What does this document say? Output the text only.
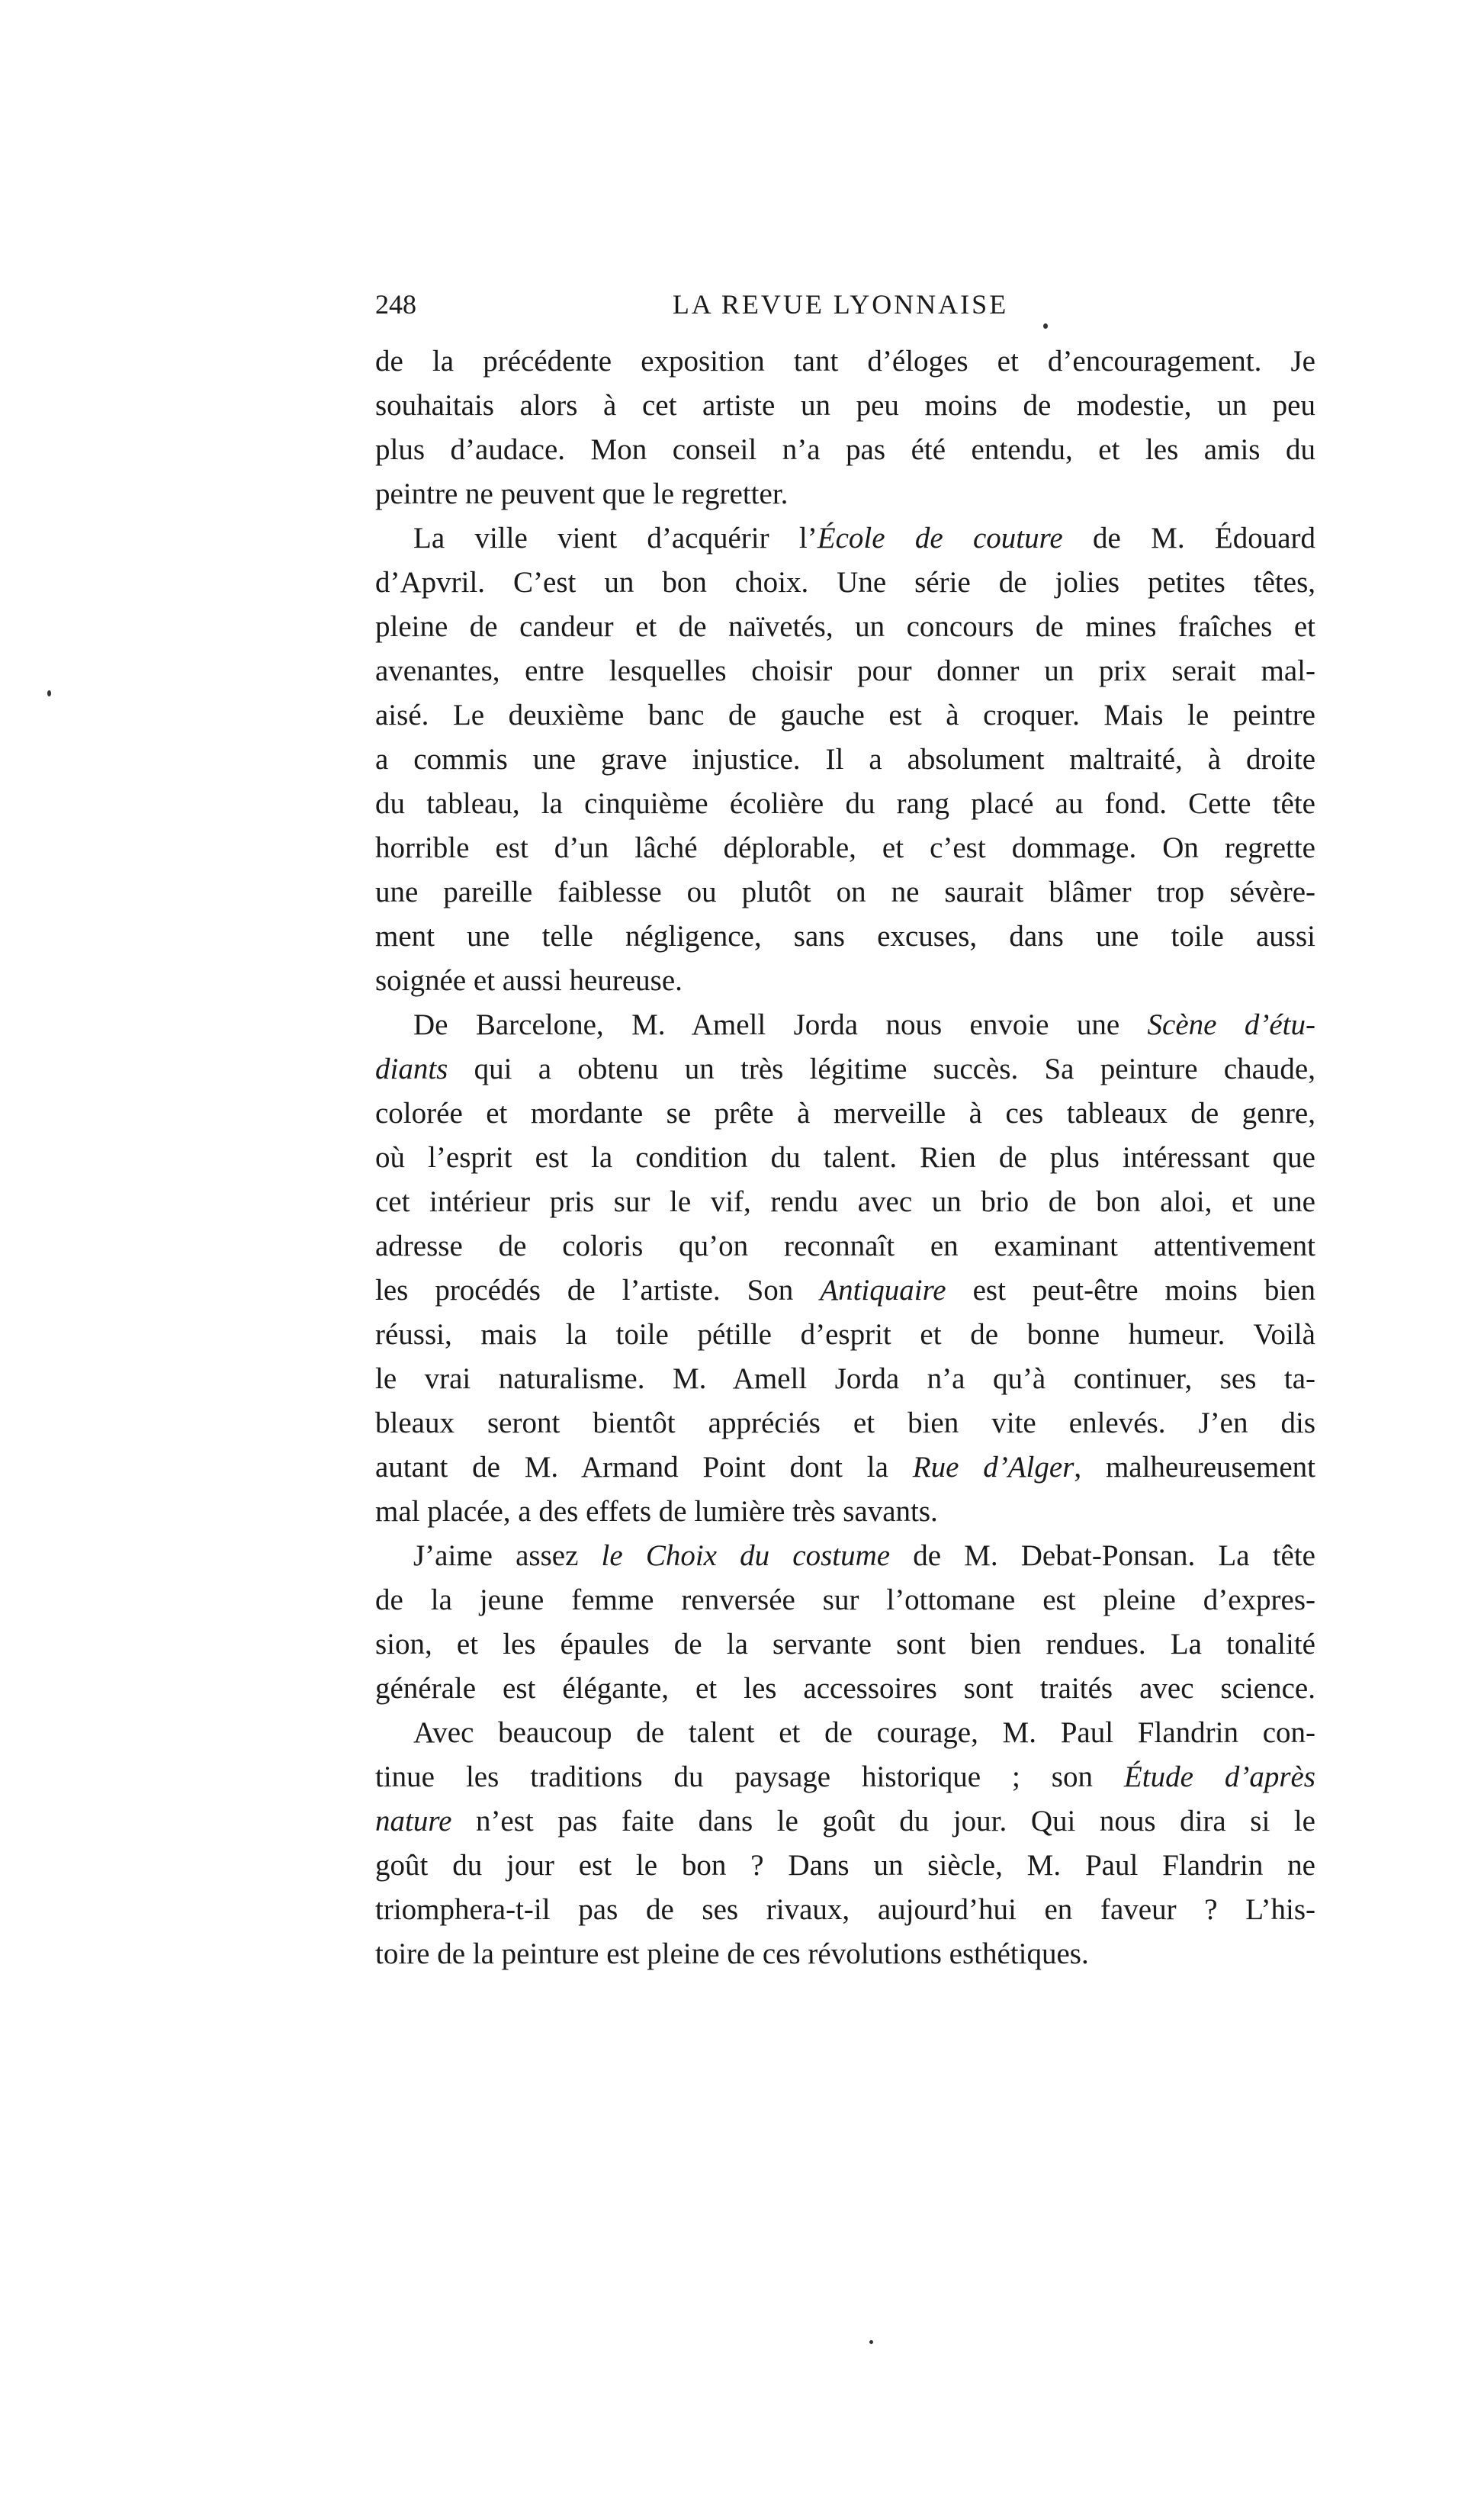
248	LA REVUE LYONNAISE
de la précédente exposition tant d’éloges et d’encouragement. Je
souhaitais alors à cet artiste un peu moins de modestie, un peu
plus d’audace. Mon conseil n’a pas été entendu, et les amis du
peintre ne peuvent que le regretter.
La ville vient d’acquérir l’École de couture de M. Édouard
d’Apvril. C’est un bon choix. Une série de jolies petites têtes,
pleine de candeur et de naïvetés, un concours de mines fraîches et
avenantes, entre lesquelles choisir pour donner un prix serait mal-
aisé. Le deuxième banc de gauche est à croquer. Mais le peintre
a commis une grave injustice. Il a absolument maltraité, à droite
du tableau, la cinquième écolière du rang placé au fond. Cette tête
horrible est d’un lâché déplorable, et c’est dommage. On regrette
une pareille faiblesse ou plutôt on ne saurait blâmer trop sévère-
ment une telle négligence, sans excuses, dans une toile aussi
soignée et aussi heureuse.
De Barcelone, M. Amell Jorda nous envoie une Scène d’étu-
diants qui a obtenu un très légitime succès. Sa peinture chaude,
colorée et mordante se prête à merveille à ces tableaux de genre,
où l’esprit est la condition du talent. Rien de plus intéressant que
cet intérieur pris sur le vif, rendu avec un brio de bon aloi, et une
adresse de coloris qu’on reconnaît en examinant attentivement
les procédés de l’artiste. Son Antiquaire est peut-être moins bien
réussi, mais la toile pétille d’esprit et de bonne humeur. Voilà
le vrai naturalisme. M. Amell Jorda n’a qu’à continuer, ses ta-
bleaux seront bientôt appréciés et bien vite enlevés. J’en dis
autant de M. Armand Point dont la Rue d’Alger, malheureusement
mal placée, a des effets de lumière très savants.
J’aime assez le Choix du costume de M. Debat-Ponsan. La tête
de la jeune femme renversée sur l’ottomane est pleine d’expres-
sion, et les épaules de la servante sont bien rendues. La tonalité
générale est élégante, et les accessoires sont traités avec science.
Avec beaucoup de talent et de courage, M. Paul Flandrin con-
tinue les traditions du paysage historique ; son Étude d’après
nature n’est pas faite dans le goût du jour. Qui nous dira si le
goût du jour est le bon ? Dans un siècle, M. Paul Flandrin ne
triomphera-t-il pas de ses rivaux, aujourd’hui en faveur ? L’his-
toire de la peinture est pleine de ces révolutions esthétiques.
